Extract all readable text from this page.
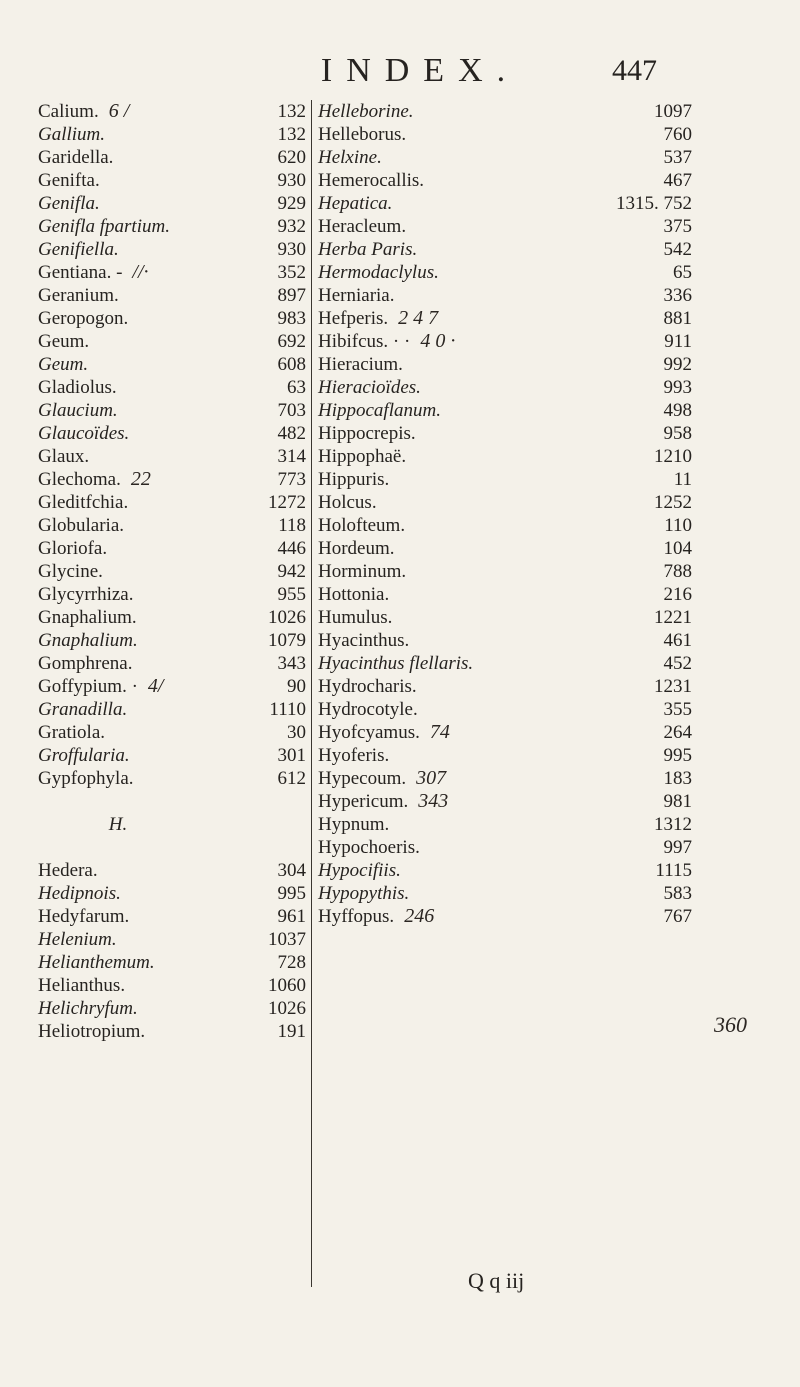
INDEX.	447
Calium. 6 /
Gallium.
Garidella.
Genifta.
Genifla.
Genifla fpartium.
Genifiella.
Gentiana. - //·
Geranium.
Geropogon.
Geum.
Geum.
Gladiolus.
Glaucium.
Glaucoïdes.
Glaux.
Glechoma. 22
Gleditfchia.
Globularia.
Gloriofa.
Glycine.
Glycyrrhiza.
Gnaphalium.
Gnaphalium.
Gomphrena.
Goffypium. · 4/
Granadilla.
Gratiola.
Groffularia.
Gypfophyla.
H.
Hedera.
Hedipnois.
Hedyfarum.
Helenium.
Helianthemum.
Helianthus.
Helichryfum.
Heliotropium.
132
132
620
930
929
932
930
352
897
983
692
608
63
703
482
314
773
1272
118
446
942
955
1026
1079
343
90
1110
30
301
612
304
995
961
1037
728
1060
1026
191
Helleborine.
Helleborus.
Helxine.
Hemerocallis.
Hepatica.
Heracleum.
Herba Paris.
Hermodaclylus.
Herniaria.
Hefperis. 2 4 7
Hibifcus. · · 4 0 ·
Hieracium.
Hieracioïdes.
Hippocaflanum.
Hippocrepis.
Hippophaë.
Hippuris.
Holcus.
Holofteum.
Hordeum.
Horminum.
Hottonia.
Humulus.
Hyacinthus.
Hyacinthus flellaris.
Hydrocharis.
Hydrocotyle.
Hyofcyamus. 74
Hyoferis.
Hypecoum. 307
Hypericum. 343
Hypnum.
Hypochoeris.
Hypocifiis.
Hypopythis.
Hyffopus. 246
1097
760
537
467
1315. 752
375
542
65
336
881
911
992
993
498
958
1210
11
1252
110
104
788
216
1221
461
452
1231
355
264
995
183
981
1312
997
1115
583
767
360
Q q iij
